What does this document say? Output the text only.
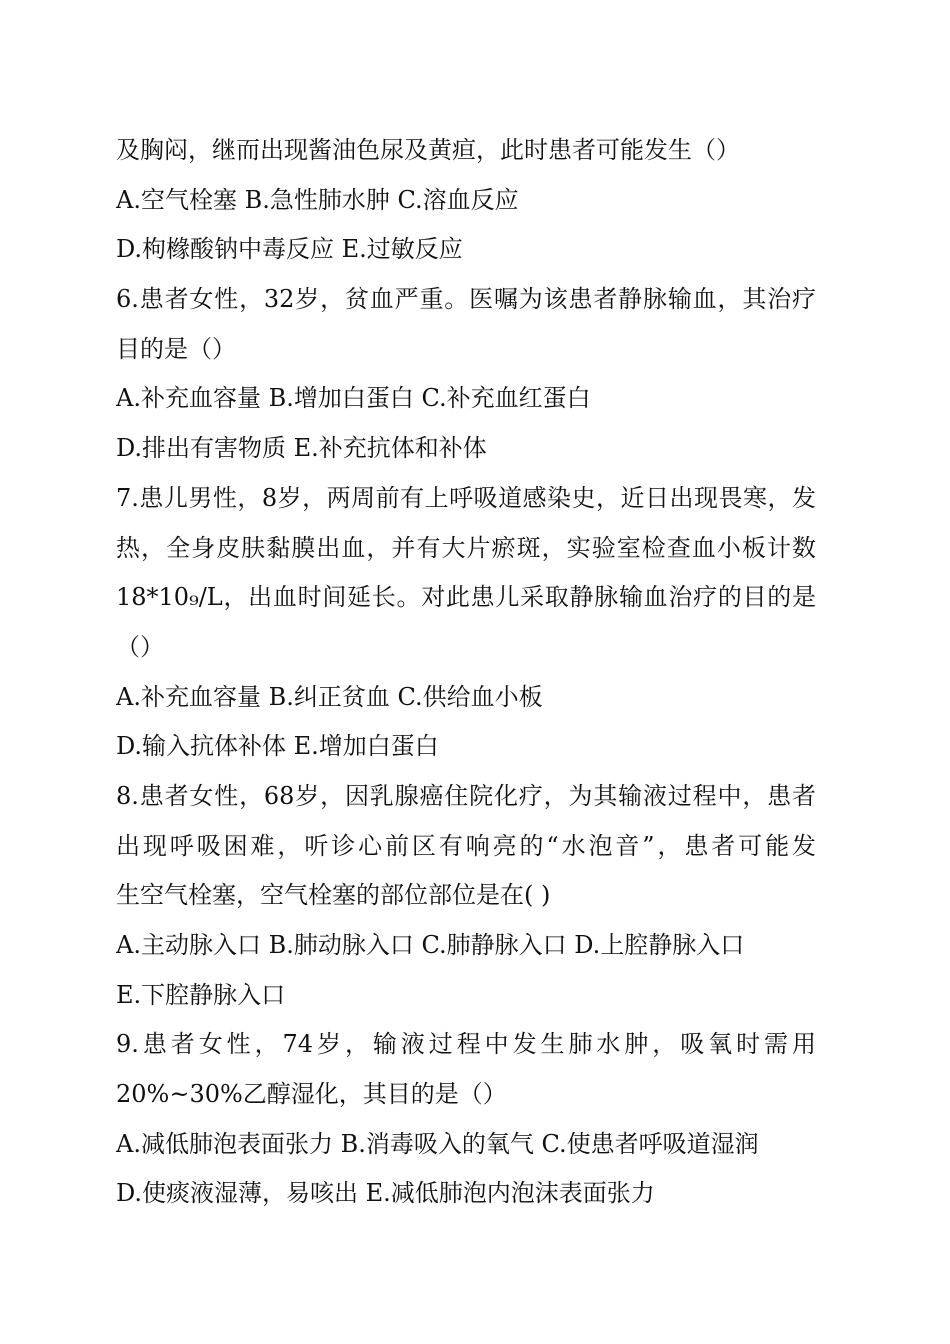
及胸闷，继而出现酱油色尿及黄疸，此时患者可能发生（）
A.空气栓塞 B.急性肺水肿 C.溶血反应
D.枸橼酸钠中毒反应 E.过敏反应
6.患者女性，32岁，贫血严重。医嘱为该患者静脉输血，其治疗
目的是（）
A.补充血容量 B.增加白蛋白 C.补充血红蛋白
D.排出有害物质 E.补充抗体和补体
7.患儿男性，8岁，两周前有上呼吸道感染史，近日出现畏寒，发
热，全身皮肤黏膜出血，并有大片瘀斑，实验室检查血小板计数
18*10₉/L，出血时间延长。对此患儿采取静脉输血治疗的目的是
（）
A.补充血容量 B.纠正贫血 C.供给血小板
D.输入抗体补体 E.增加白蛋白
8.患者女性，68岁，因乳腺癌住院化疗，为其输液过程中，患者
出现呼吸困难，听诊心前区有响亮的“水泡音”，患者可能发
生空气栓塞，空气栓塞的部位部位是在( )
A.主动脉入口 B.肺动脉入口 C.肺静脉入口 D.上腔静脉入口
E.下腔静脉入口
9.患者女性，74岁，输液过程中发生肺水肿，吸氧时需用
20%~30%乙醇湿化，其目的是（）
A.减低肺泡表面张力 B.消毒吸入的氧气 C.使患者呼吸道湿润
D.使痰液湿薄，易咳出 E.减低肺泡内泡沫表面张力
